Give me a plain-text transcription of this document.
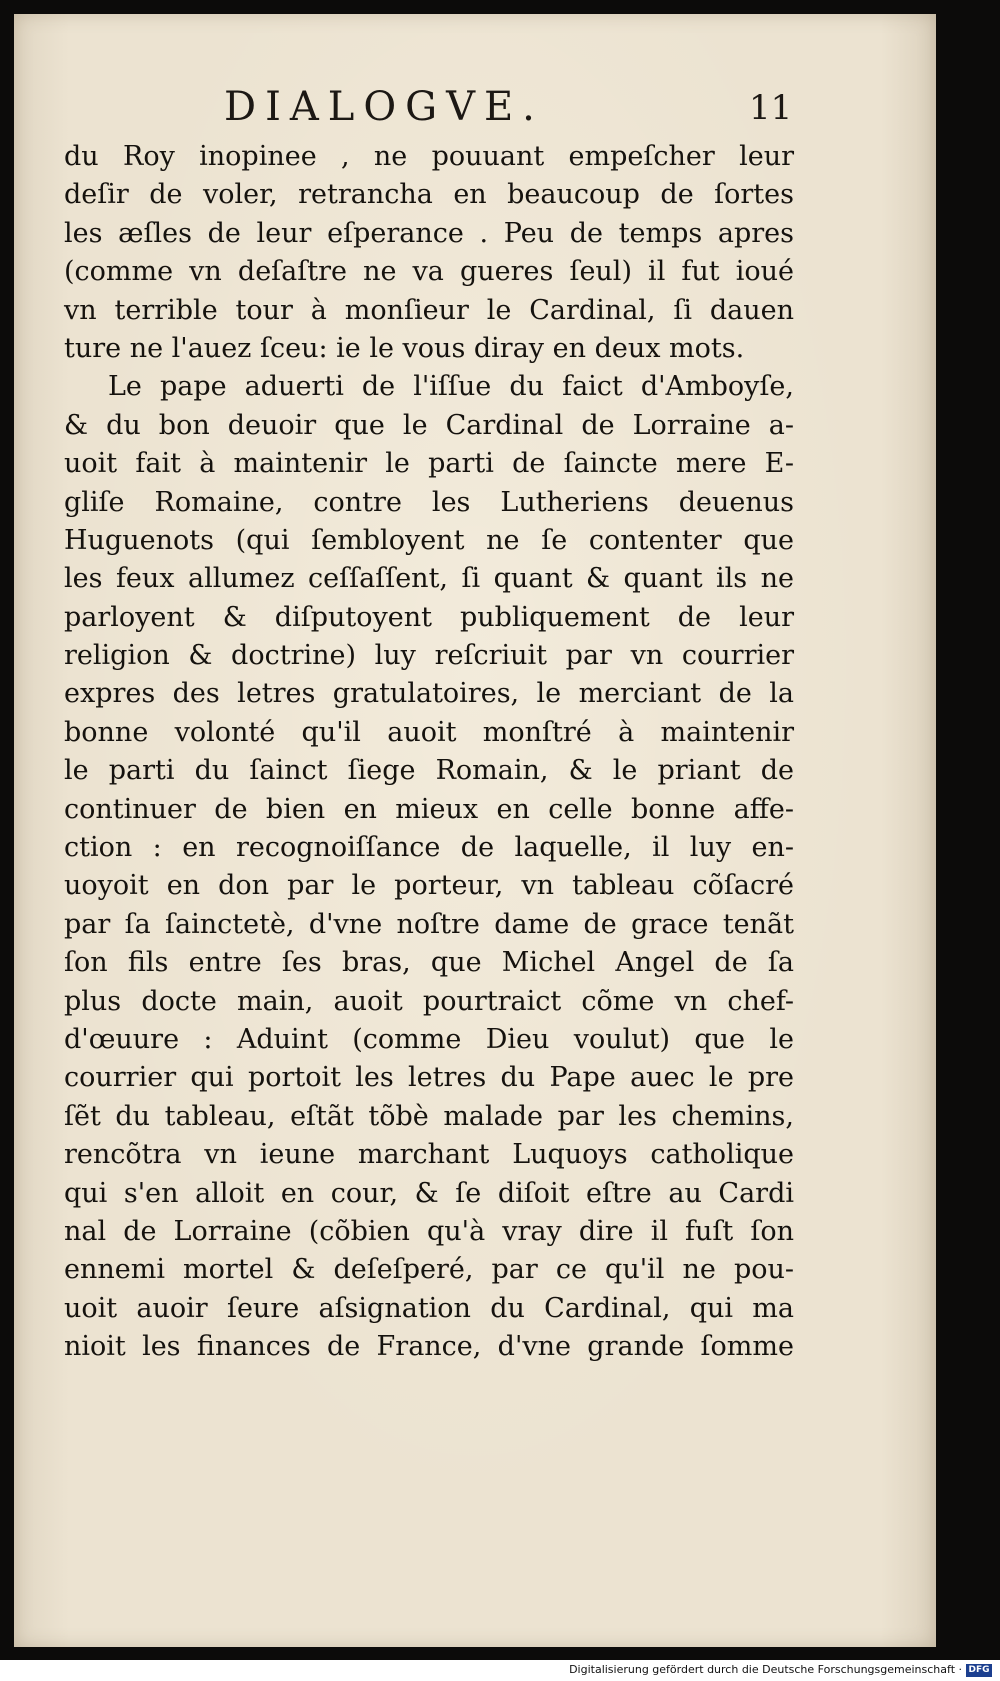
DIALOGVE.	11
du Roy inopinee , ne pouuant empeſcher leur
deſir de voler, retrancha en beaucoup de ſortes
les æſles de leur eſperance . Peu de temps apres
(comme vn deſaſtre ne va gueres ſeul) il fut ioué
vn terrible tour à monſieur le Cardinal, ſi dauen
ture ne l'auez ſceu: ie le vous diray en deux mots.
Le pape aduerti de l'iſſue du faict d'Amboyſe,
& du bon deuoir que le Cardinal de Lorraine a-
uoit fait à maintenir le parti de ſaincte mere E-
gliſe Romaine, contre les Lutheriens deuenus
Huguenots (qui ſembloyent ne ſe contenter que
les feux allumez ceſſaſſent, ſi quant & quant ils ne
parloyent & diſputoyent publiquement de leur
religion & doctrine) luy reſcriuit par vn courrier
expres des letres gratulatoires, le merciant de la
bonne volonté qu'il auoit monſtré à maintenir
le parti du ſainct ſiege Romain, & le priant de
continuer de bien en mieux en celle bonne affe-
ction : en recognoiſſance de laquelle, il luy en-
uoyoit en don par le porteur, vn tableau cõſacré
par ſa ſainctetè, d'vne noſtre dame de grace tenãt
ſon fils entre ſes bras, que Michel Angel de ſa
plus docte main, auoit pourtraict cõme vn chef-
d'œuure : Aduint (comme Dieu voulut) que le
courrier qui portoit les letres du Pape auec le pre
ſẽt du tableau, eſtãt tõbè malade par les chemins,
rencõtra vn ieune marchant Luquoys catholique
qui s'en alloit en cour, & ſe diſoit eſtre au Cardi
nal de Lorraine (cõbien qu'à vray dire il fuſt ſon
ennemi mortel & deſeſperé, par ce qu'il ne pou-
uoit auoir ſeure aſsignation du Cardinal, qui ma
nioit les finances de France, d'vne grande ſomme
Digitalisierung gefördert durch die Deutsche Forschungsgemeinschaft · DFG
